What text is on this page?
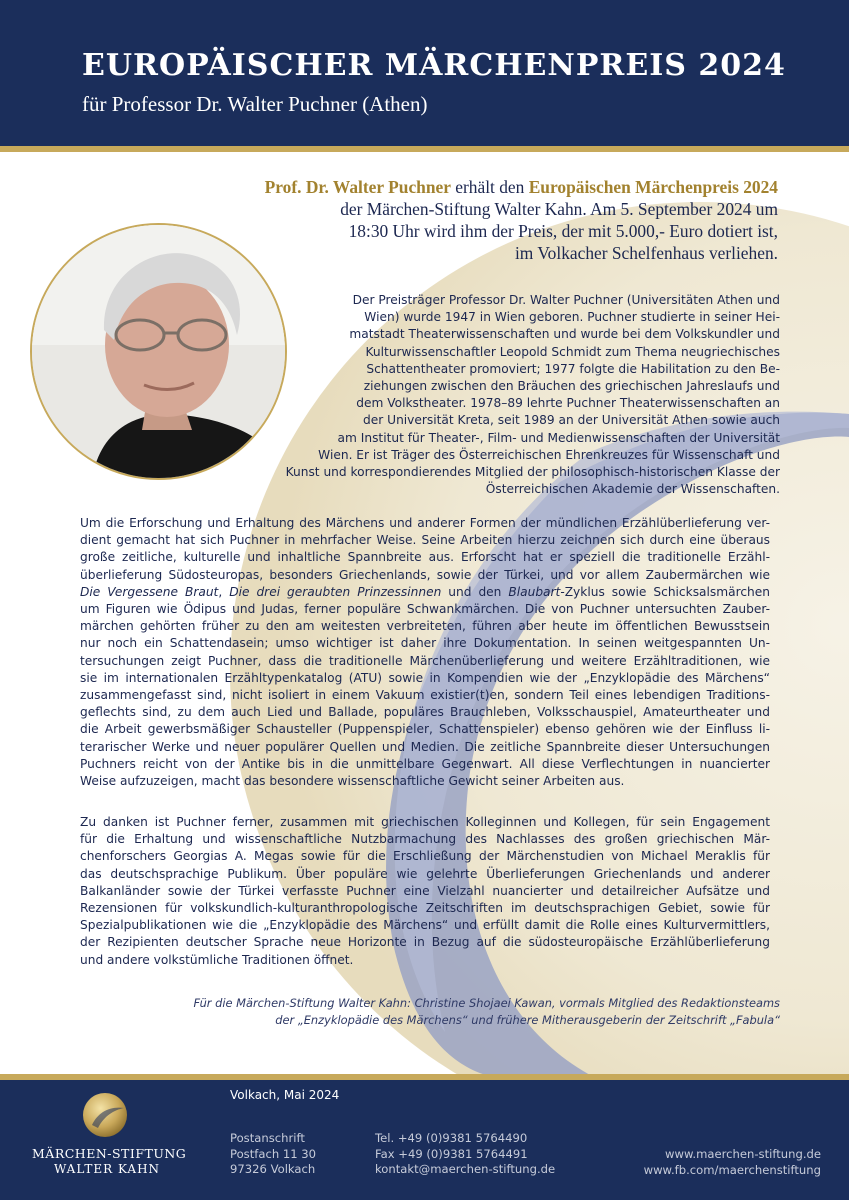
EUROPÄISCHER MÄRCHENPREIS 2024
für Professor Dr. Walter Puchner (Athen)
Prof. Dr. Walter Puchner erhält den Europäischen Märchenpreis 2024
der Märchen-Stiftung Walter Kahn. Am 5. September 2024 um
18:30 Uhr wird ihm der Preis, der mit 5.000,- Euro dotiert ist,
im Volkacher Schelfenhaus verliehen.
Der Preisträger Professor Dr. Walter Puchner (Universitäten Athen und
Wien) wurde 1947 in Wien geboren. Puchner studierte in seiner Hei-
matstadt Theaterwissenschaften und wurde bei dem Volkskundler und
Kulturwissenschaftler Leopold Schmidt zum Thema neugriechisches
Schattentheater promoviert; 1977 folgte die Habilitation zu den Be-
ziehungen zwischen den Bräuchen des griechischen Jahreslaufs und
dem Volkstheater. 1978–89 lehrte Puchner Theaterwissenschaften an
der Universität Kreta, seit 1989 an der Universität Athen sowie auch
am Institut für Theater-, Film- und Medienwissenschaften der Universität
Wien. Er ist Träger des Österreichischen Ehrenkreuzes für Wissenschaft und
Kunst und korrespondierendes Mitglied der philosophisch-historischen Klasse der
Österreichischen Akademie der Wissenschaften.
Um die Erforschung und Erhaltung des Märchens und anderer Formen der mündlichen Erzählüberlieferung ver-
dient gemacht hat sich Puchner in mehrfacher Weise. Seine Arbeiten hierzu zeichnen sich durch eine überaus
große zeitliche, kulturelle und inhaltliche Spannbreite aus. Erforscht hat er speziell die traditionelle Erzähl-
überlieferung Südosteuropas, besonders Griechenlands, sowie der Türkei, und vor allem Zaubermärchen wie
Die Vergessene Braut, Die drei geraubten Prinzessinnen und den Blaubart-Zyklus sowie Schicksalsmärchen
um Figuren wie Ödipus und Judas, ferner populäre Schwankmärchen. Die von Puchner untersuchten Zauber-
märchen gehörten früher zu den am weitesten verbreiteten, führen aber heute im öffentlichen Bewusstsein
nur noch ein Schattendasein; umso wichtiger ist daher ihre Dokumentation. In seinen weitgespannten Un-
tersuchungen zeigt Puchner, dass die traditionelle Märchenüberlieferung und weitere Erzähltraditionen, wie
sie im internationalen Erzähltypenkatalog (ATU) sowie in Kompendien wie der „Enzyklopädie des Märchens“
zusammengefasst sind, nicht isoliert in einem Vakuum existier(t)en, sondern Teil eines lebendigen Traditions-
geflechts sind, zu dem auch Lied und Ballade, populäres Brauchleben, Volksschauspiel, Amateurtheater und
die Arbeit gewerbsmäßiger Schausteller (Puppenspieler, Schattenspieler) ebenso gehören wie der Einfluss li-
terarischer Werke und neuer populärer Quellen und Medien. Die zeitliche Spannbreite dieser Untersuchungen
Puchners reicht von der Antike bis in die unmittelbare Gegenwart. All diese Verflechtungen in nuancierter
Weise aufzuzeigen, macht das besondere wissenschaftliche Gewicht seiner Arbeiten aus.
Zu danken ist Puchner ferner, zusammen mit griechischen Kolleginnen und Kollegen, für sein Engagement
für die Erhaltung und wissenschaftliche Nutzbarmachung des Nachlasses des großen griechischen Mär-
chenforschers Georgias A. Megas sowie für die Erschließung der Märchenstudien von Michael Meraklis für
das deutschsprachige Publikum. Über populäre wie gelehrte Überlieferungen Griechenlands und anderer
Balkanländer sowie der Türkei verfasste Puchner eine Vielzahl nuancierter und detailreicher Aufsätze und
Rezensionen für volkskundlich-kulturanthropologische Zeitschriften im deutschsprachigen Gebiet, sowie für
Spezialpublikationen wie die „Enzyklopädie des Märchens“ und erfüllt damit die Rolle eines Kulturvermittlers,
der Rezipienten deutscher Sprache neue Horizonte in Bezug auf die südosteuropäische Erzählüberlieferung
und andere volkstümliche Traditionen öffnet.
Für die Märchen-Stiftung Walter Kahn: Christine Shojaei Kawan, vormals Mitglied des Redaktionsteams
der „Enzyklopädie des Märchens“ und frühere Mitherausgeberin der Zeitschrift „Fabula“
MÄRCHEN-STIFTUNG
WALTER KAHN
Volkach, Mai 2024
Postanschrift
Postfach 11 30
97326 Volkach
Tel. +49 (0)9381 5764490
Fax +49 (0)9381 5764491
kontakt@maerchen-stiftung.de
www.maerchen-stiftung.de
www.fb.com/maerchenstiftung
